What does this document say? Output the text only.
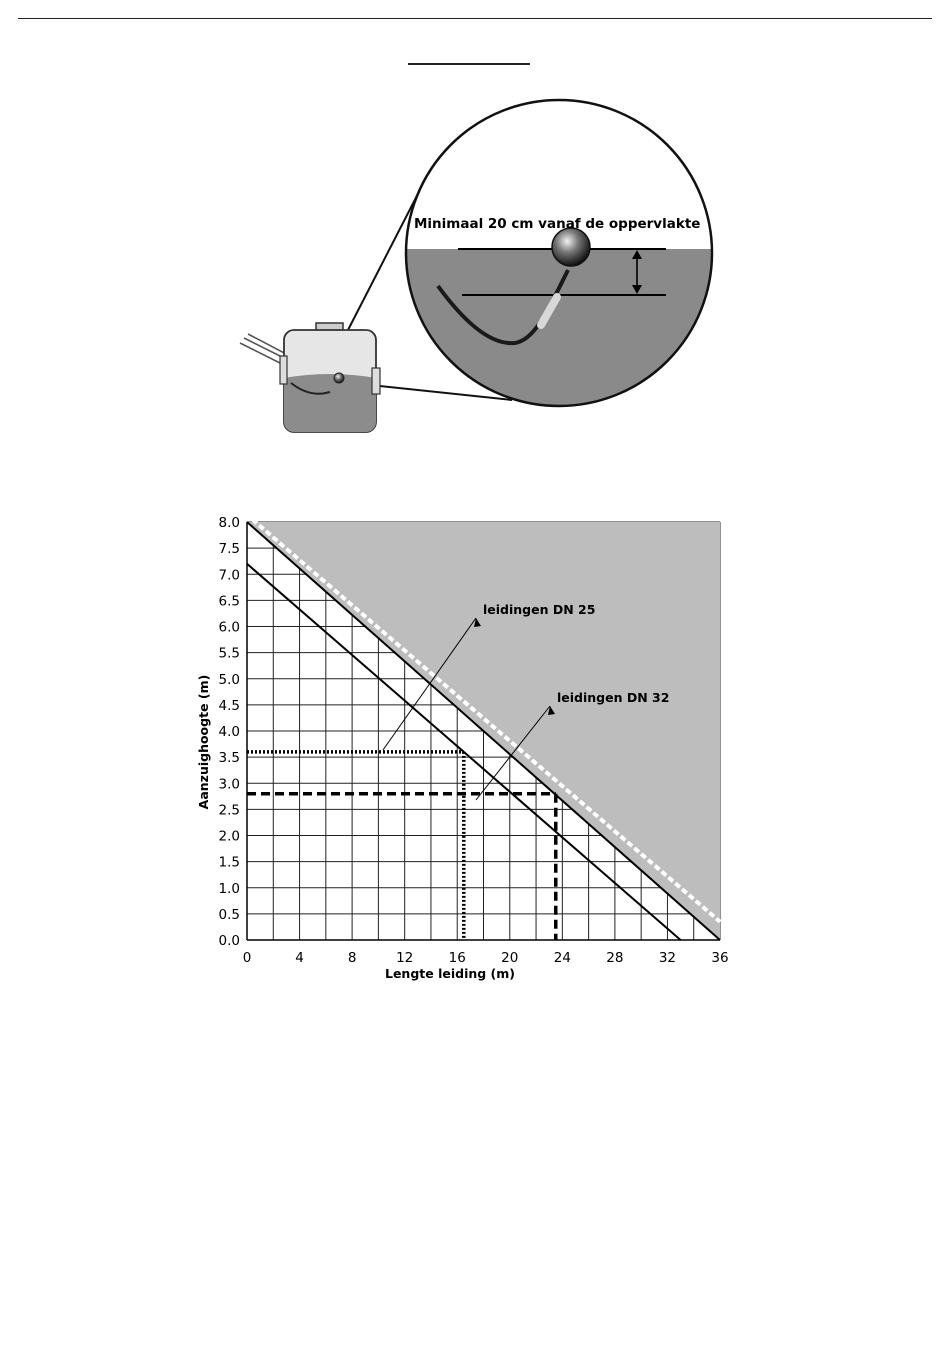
Minimaal 20 cm vanaf de oppervlakte
0	4	8	12	16	20	24	28	32	36
0.0
0.5
1.0
1.5
2.0
2.5
3.0
3.5
4.0
4.5
5.0
5.5
6.0
6.5
7.0
7.5
8.0
leidingen DN 25
leidingen DN 32
Lengte leiding (m)
Aanzuighoogte (m)
